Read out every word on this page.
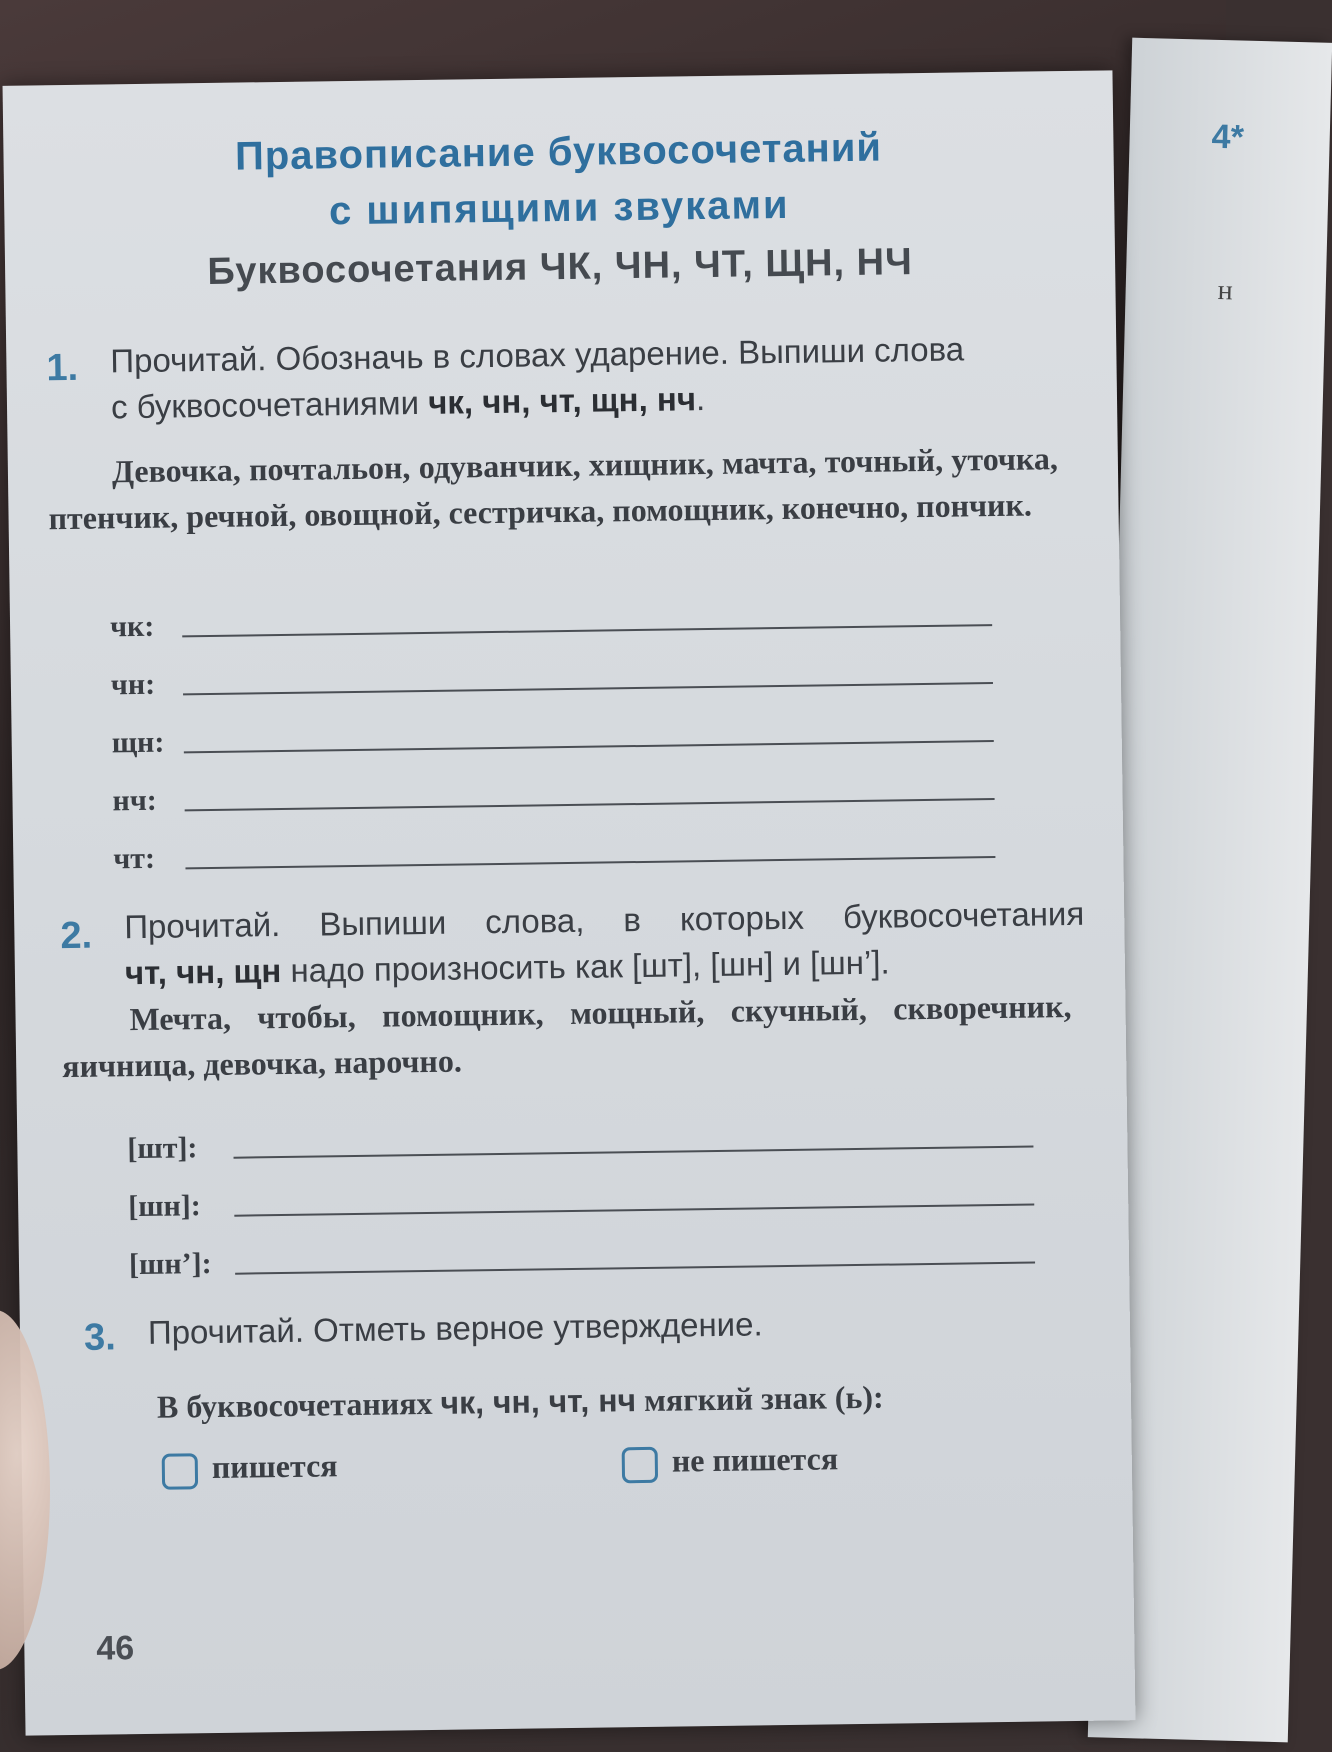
4*
н
Правописание буквосочетаний
с шипящими звуками
Буквосочетания ЧК, ЧН, ЧТ, ЩН, НЧ
1. Прочитай. Обозначь в словах ударение. Выпиши слова
с буквосочетаниями чк, чн, чт, щн, нч.
Девочка, почтальон, одуванчик, хищник, мачта, точный, уточка, птенчик, речной, овощной, сестричка, помощник, конечно, пончик.
чк:
чн:
щн:
нч:
чт:
2. Прочитай. Выпиши слова, в которых буквосочетания
чт, чн, щн надо произносить как [шт], [шн] и [шн’].
Мечта, чтобы, помощник, мощный, скучный, скворечник, яичница, девочка, нарочно.
[шт]:
[шн]:
[шн’]:
3. Прочитай. Отметь верное утверждение.
В буквосочетаниях чк, чн, чт, нч мягкий знак (ь):
пишется	не пишется
46
